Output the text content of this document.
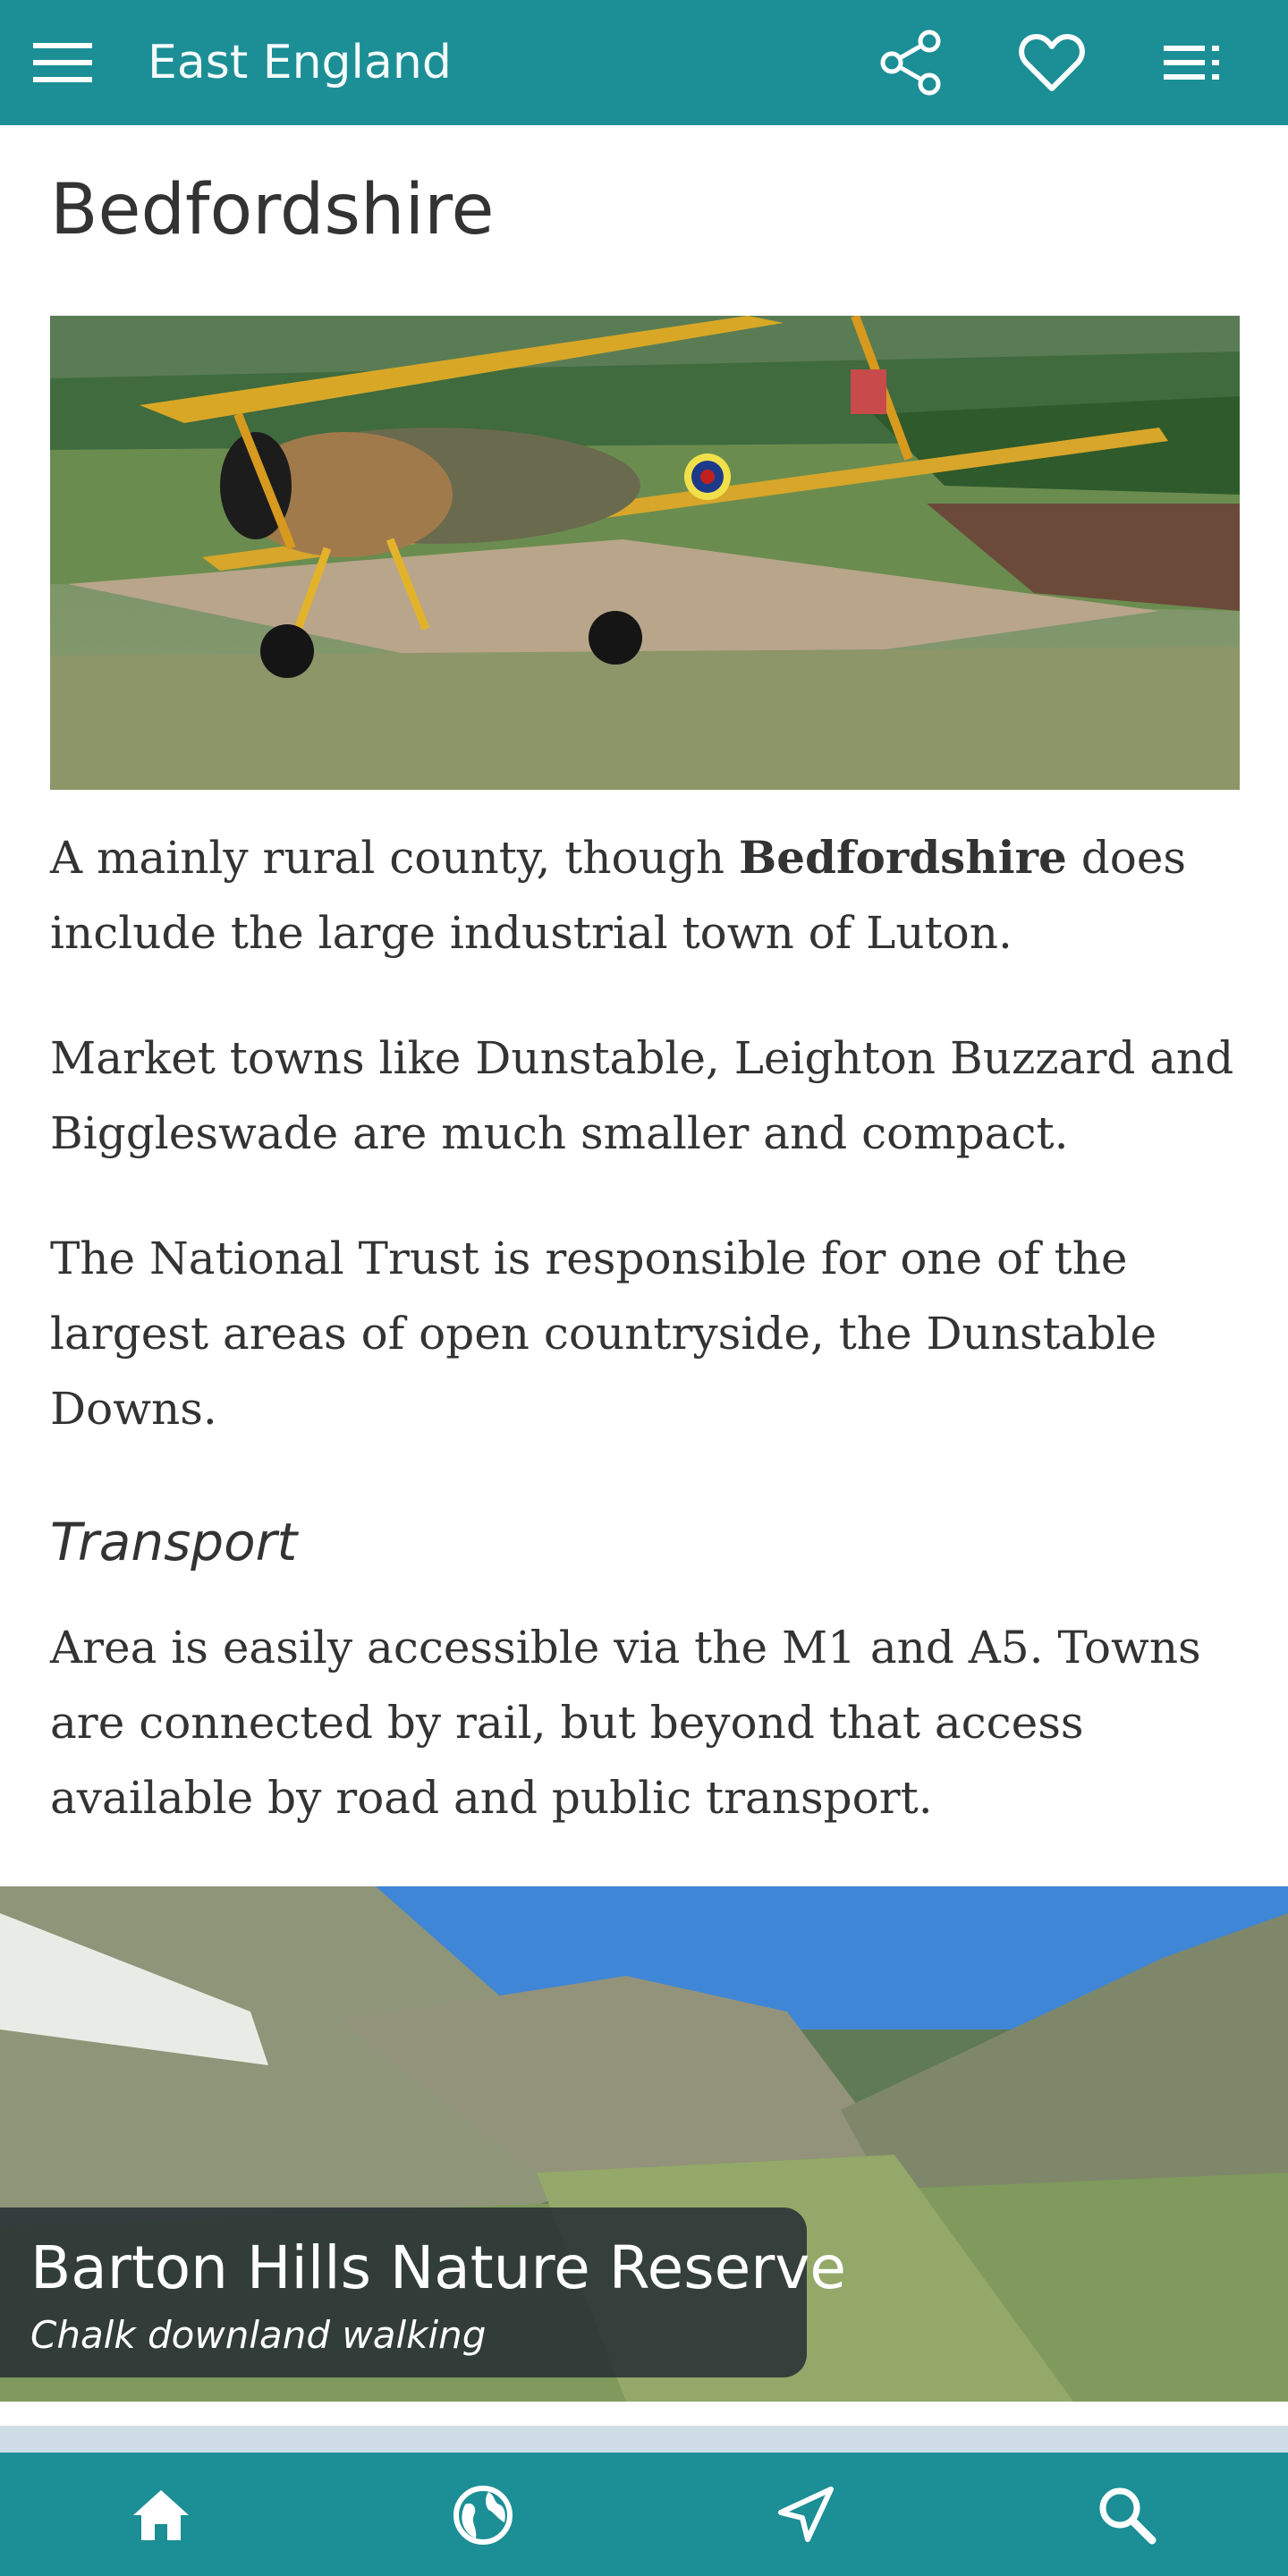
East England
Bedfordshire

A mainly rural county, though Bedfordshire does include the large industrial town of Luton.

Market towns like Dunstable, Leighton Buzzard and Biggleswade are much smaller and compact.

The National Trust is responsible for one of the largest areas of open countryside, the Dunstable Downs.

Transport

Area is easily accessible via the M1 and A5. Towns are connected by rail, but beyond that access available by road and public transport.

Barton Hills Nature Reserve
Chalk downland walking
